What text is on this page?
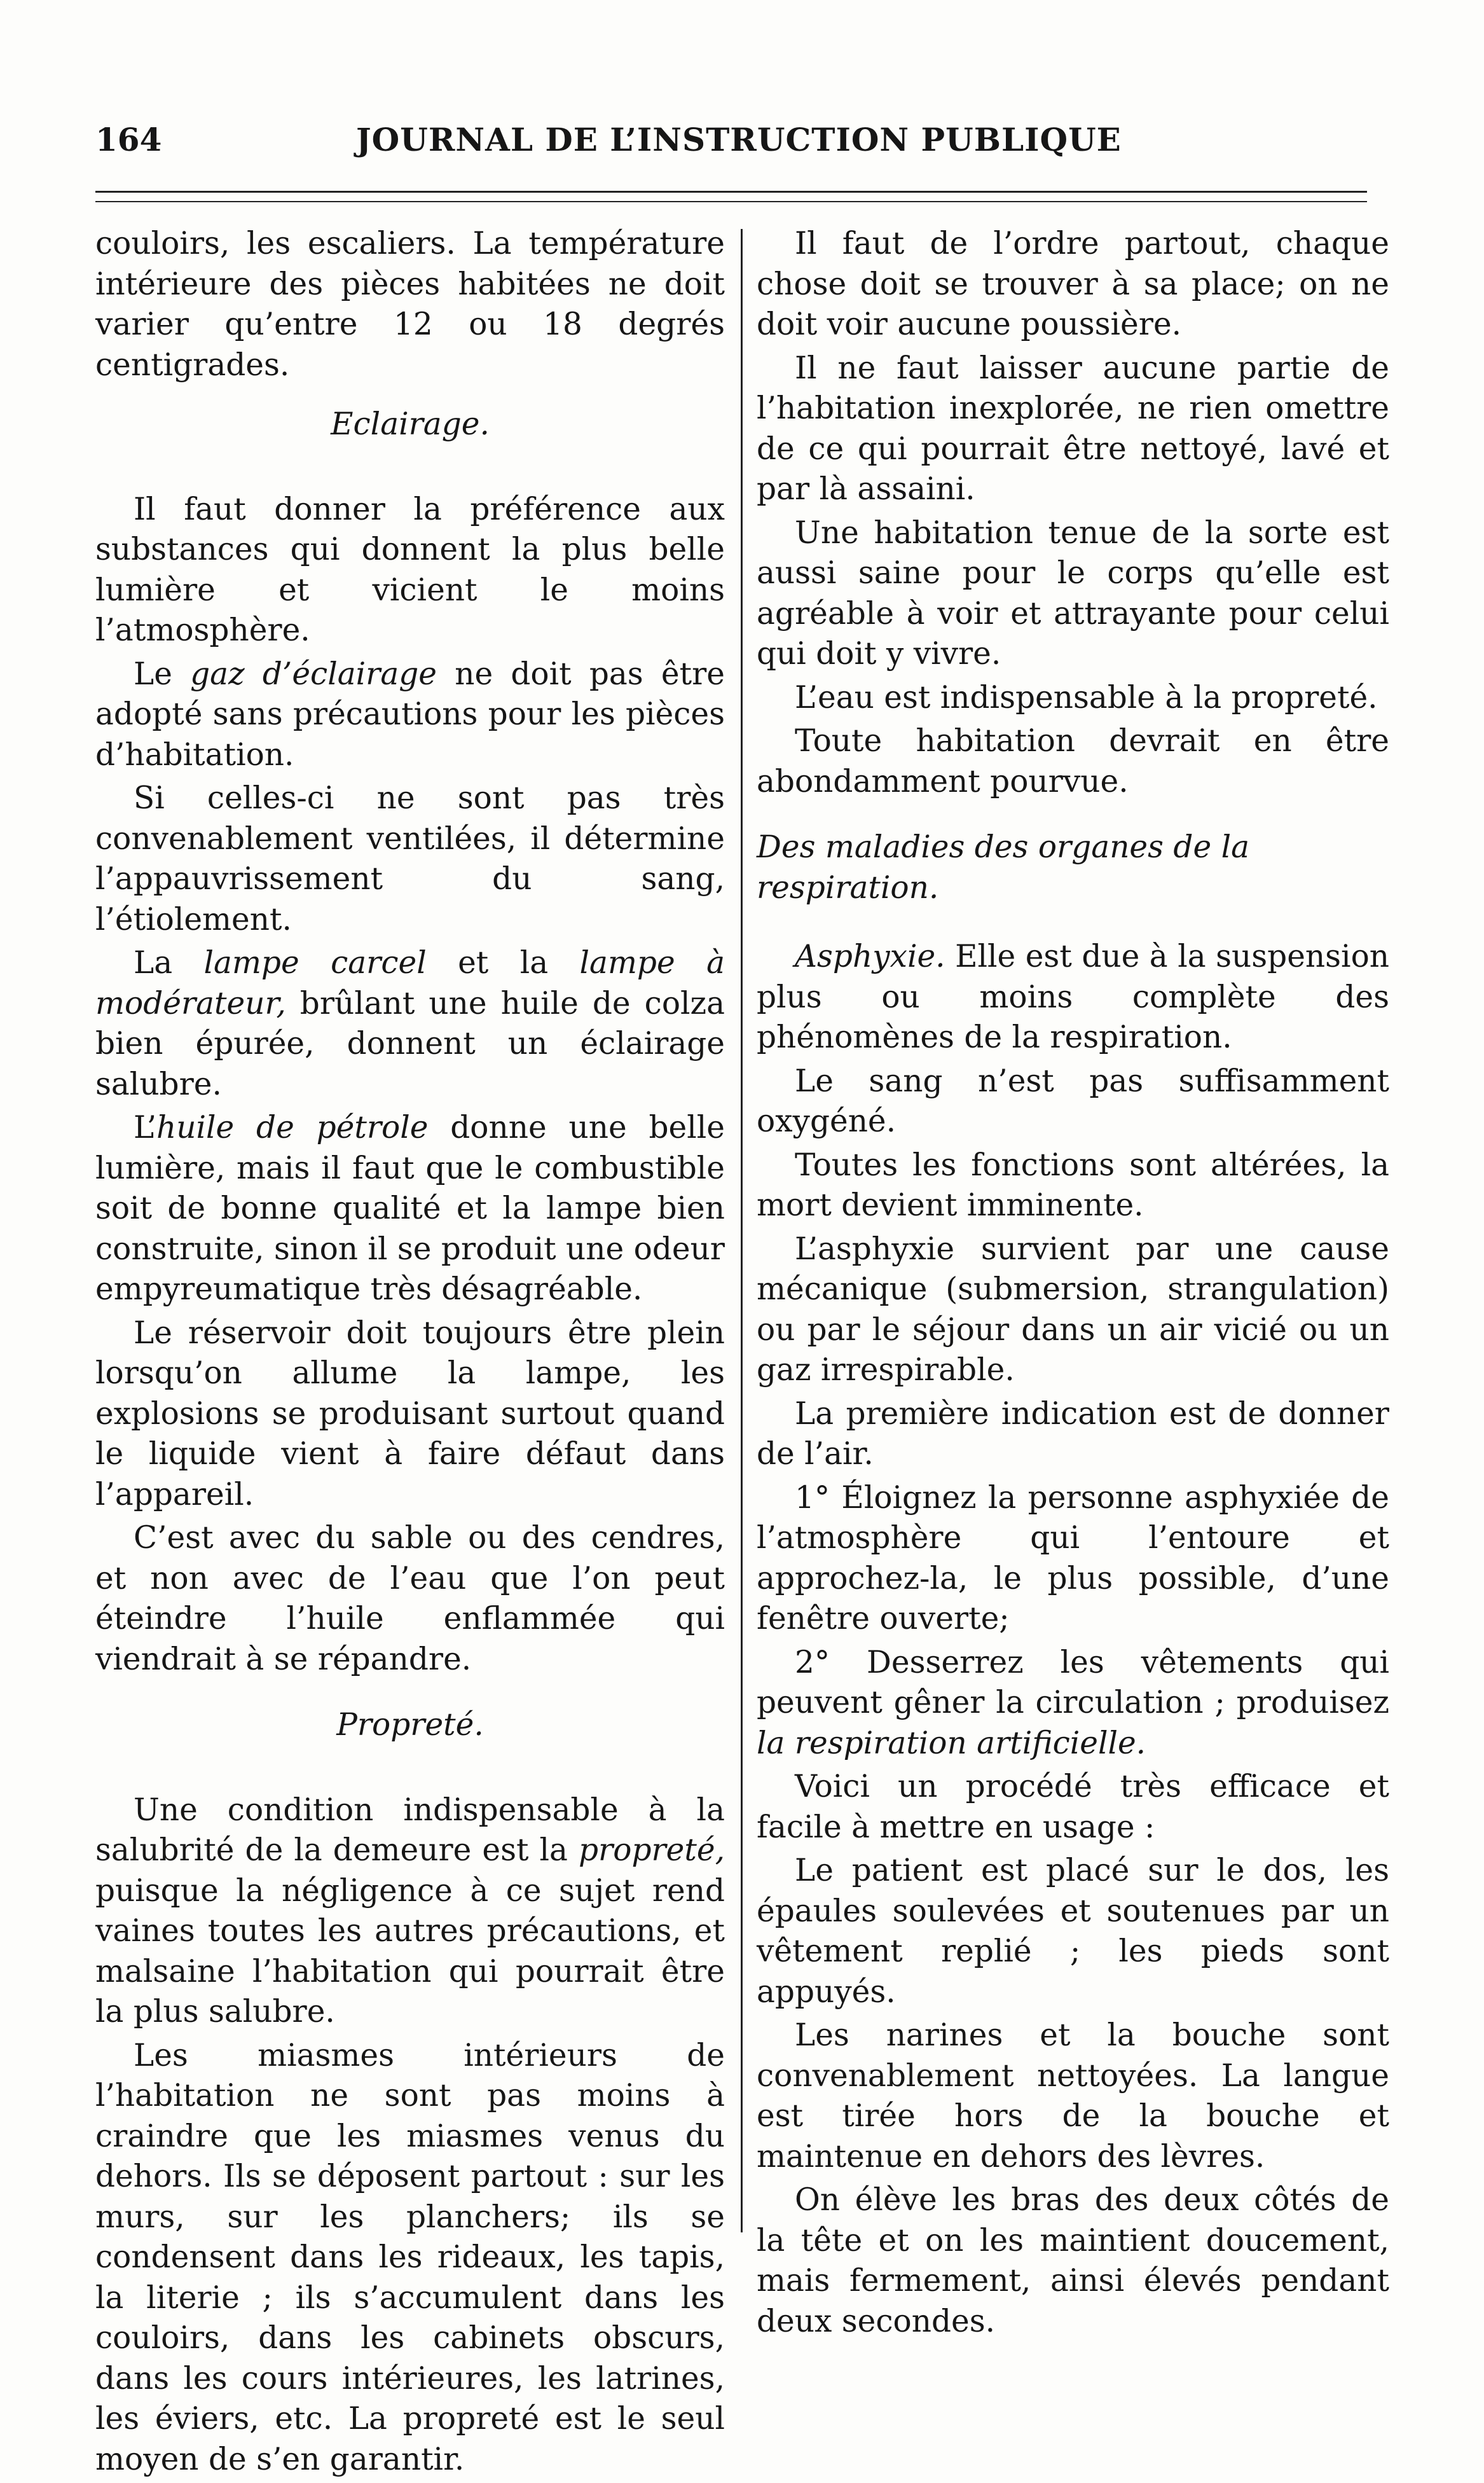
164	JOURNAL DE L’INSTRUCTION PUBLIQUE

couloirs, les escaliers. La température intérieure des pièces habitées ne doit varier qu’entre 12 ou 18 degrés centigrades.

Eclairage.

Il faut donner la préférence aux substances qui donnent la plus belle lumière et vicient le moins l’atmosphère.

Le gaz d’éclairage ne doit pas être adopté sans précautions pour les pièces d’habitation.

Si celles-ci ne sont pas très convenablement ventilées, il détermine l’appauvrissement du sang, l’étiolement.

La lampe carcel et la lampe à modérateur, brûlant une huile de colza bien épurée, donnent un éclairage salubre.

L’huile de pétrole donne une belle lumière, mais il faut que le combustible soit de bonne qualité et la lampe bien construite, sinon il se produit une odeur empyreumatique très désagréable.

Le réservoir doit toujours être plein lorsqu’on allume la lampe, les explosions se produisant surtout quand le liquide vient à faire défaut dans l’appareil.

C’est avec du sable ou des cendres, et non avec de l’eau que l’on peut éteindre l’huile enflammée qui viendrait à se répandre.

Propreté.

Une condition indispensable à la salubrité de la demeure est la propreté, puisque la négligence à ce sujet rend vaines toutes les autres précautions, et malsaine l’habitation qui pourrait être la plus salubre.

Les miasmes intérieurs de l’habitation ne sont pas moins à craindre que les miasmes venus du dehors. Ils se déposent partout : sur les murs, sur les planchers; ils se condensent dans les rideaux, les tapis, la literie ; ils s’accumulent dans les couloirs, dans les cabinets obscurs, dans les cours intérieures, les latrines, les éviers, etc. La propreté est le seul moyen de s’en garantir.

Il faut de l’ordre partout, chaque chose doit se trouver à sa place; on ne doit voir aucune poussière.

Il ne faut laisser aucune partie de l’habitation inexplorée, ne rien omettre de ce qui pourrait être nettoyé, lavé et par là assaini.

Une habitation tenue de la sorte est aussi saine pour le corps qu’elle est agréable à voir et attrayante pour celui qui doit y vivre.

L’eau est indispensable à la propreté.

Toute habitation devrait en être abondamment pourvue.

Des maladies des organes de la respiration.

Asphyxie. Elle est due à la suspension plus ou moins complète des phénomènes de la respiration.

Le sang n’est pas suffisamment oxygéné.

Toutes les fonctions sont altérées, la mort devient imminente.

L’asphyxie survient par une cause mécanique (submersion, strangulation) ou par le séjour dans un air vicié ou un gaz irrespirable.

La première indication est de donner de l’air.

1° Éloignez la personne asphyxiée de l’atmosphère qui l’entoure et approchez-la, le plus possible, d’une fenêtre ouverte;

2° Desserrez les vêtements qui peuvent gêner la circulation ; produisez la respiration artificielle.

Voici un procédé très efficace et facile à mettre en usage :

Le patient est placé sur le dos, les épaules soulevées et soutenues par un vêtement replié ; les pieds sont appuyés.

Les narines et la bouche sont convenablement nettoyées. La langue est tirée hors de la bouche et maintenue en dehors des lèvres.

On élève les bras des deux côtés de la tête et on les maintient doucement, mais fermement, ainsi élevés pendant deux secondes.
